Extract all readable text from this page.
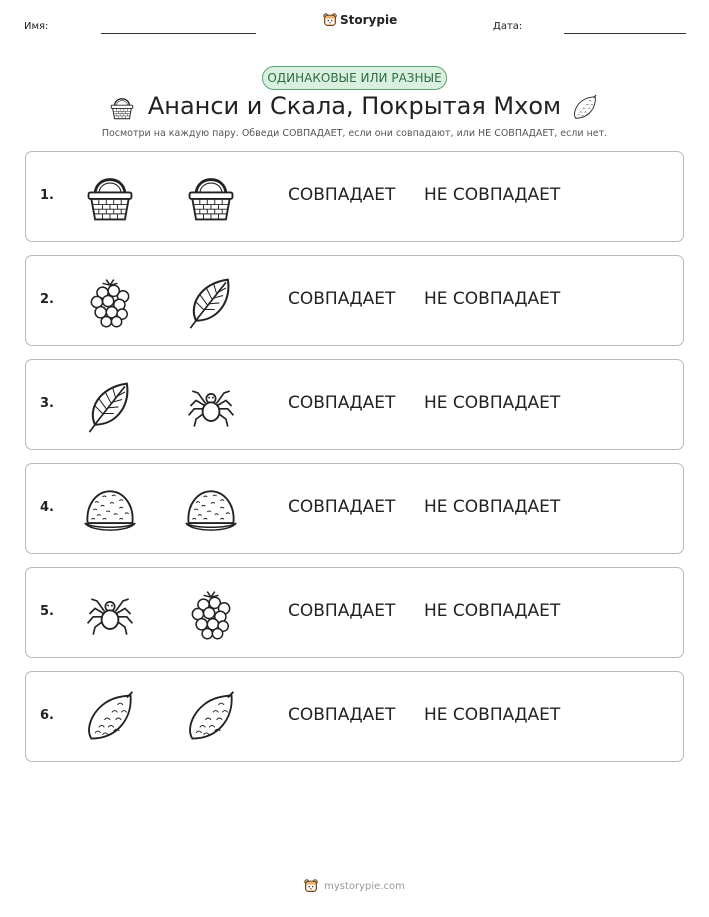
Имя:	Storypie	Дата:
ОДИНАКОВЫЕ ИЛИ РАЗНЫЕ
Ананси и Скала, Покрытая Мхом
Посмотри на каждую пару. Обведи СОВПАДАЕТ, если они совпадают, или НЕ СОВПАДАЕТ, если нет.
1.	СОВПАДАЕТ НЕ СОВПАДАЕТ
2.	СОВПАДАЕТ НЕ СОВПАДАЕТ
3.	СОВПАДАЕТ НЕ СОВПАДАЕТ
4.	СОВПАДАЕТ НЕ СОВПАДАЕТ
5.	СОВПАДАЕТ НЕ СОВПАДАЕТ
6.	СОВПАДАЕТ НЕ СОВПАДАЕТ
mystorypie.com
